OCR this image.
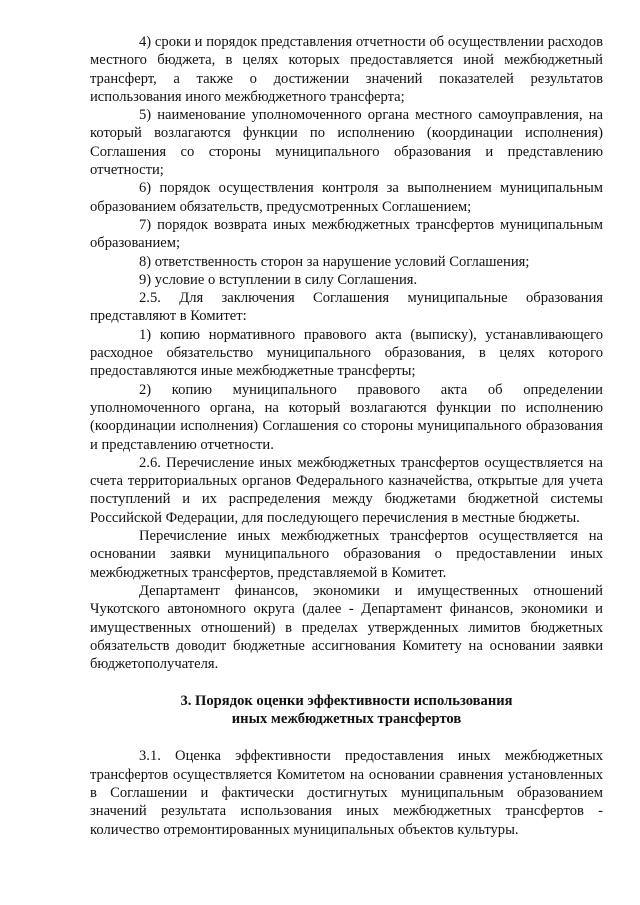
4) сроки и порядок представления отчетности об осуществлении расходов местного бюджета, в целях которых предоставляется иной межбюджетный трансферт, а также о достижении значений показателей результатов использования иного межбюджетного трансферта;

5) наименование уполномоченного органа местного самоуправления, на который возлагаются функции по исполнению (координации исполнения) Соглашения со стороны муниципального образования и представлению отчетности;

6) порядок осуществления контроля за выполнением муниципальным образованием обязательств, предусмотренных Соглашением;

7) порядок возврата иных межбюджетных трансфертов муниципальным образованием;

8) ответственность сторон за нарушение условий Соглашения;

9) условие о вступлении в силу Соглашения.

2.5. Для заключения Соглашения муниципальные образования представляют в Комитет:

1) копию нормативного правового акта (выписку), устанавливающего расходное обязательство муниципального образования, в целях которого предоставляются иные межбюджетные трансферты;

2) копию муниципального правового акта об определении уполномоченного органа, на который возлагаются функции по исполнению (координации исполнения) Соглашения со стороны муниципального образования и представлению отчетности.

2.6. Перечисление иных межбюджетных трансфертов осуществляется на счета территориальных органов Федерального казначейства, открытые для учета поступлений и их распределения между бюджетами бюджетной системы Российской Федерации, для последующего перечисления в местные бюджеты.

Перечисление иных межбюджетных трансфертов осуществляется на основании заявки муниципального образования о предоставлении иных межбюджетных трансфертов, представляемой в Комитет.

Департамент финансов, экономики и имущественных отношений Чукотского автономного округа (далее - Департамент финансов, экономики и имущественных отношений) в пределах утвержденных лимитов бюджетных обязательств доводит бюджетные ассигнования Комитету на основании заявки бюджетополучателя.

3. Порядок оценки эффективности использования

иных межбюджетных трансфертов

3.1. Оценка эффективности предоставления иных межбюджетных трансфертов осуществляется Комитетом на основании сравнения установленных в Соглашении и фактически достигнутых муниципальным образованием значений результата использования иных межбюджетных трансфертов - количество отремонтированных муниципальных объектов культуры.
